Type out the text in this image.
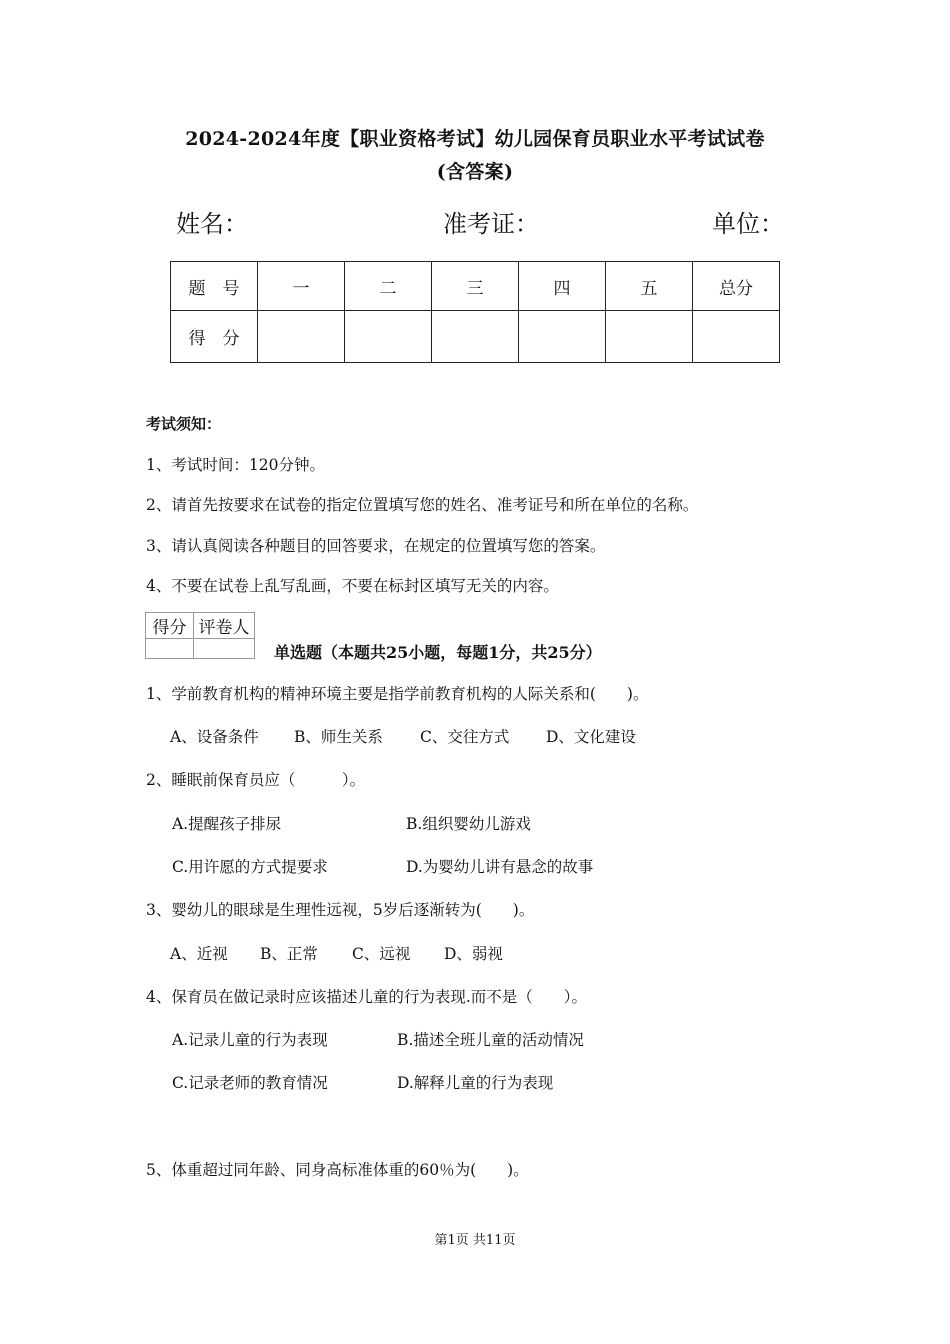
2024-2024年度【职业资格考试】幼儿园保育员职业水平考试试卷
(含答案)
姓名：	准考证：	单位：
题　号	一	二	三	四	五	总分
得　分						
考试须知：
1、考试时间：120分钟。
2、请首先按要求在试卷的指定位置填写您的姓名、准考证号和所在单位的名称。
3、请认真阅读各种题目的回答要求，在规定的位置填写您的答案。
4、不要在试卷上乱写乱画，不要在标封区填写无关的内容。
得分	评卷人

单选题（本题共25小题，每题1分，共25分）
1、学前教育机构的精神环境主要是指学前教育机构的人际关系和(　　)。
A、设备条件 B、师生关系 C、交往方式 D、文化建设
2、睡眠前保育员应（　　　）。
A.提醒孩子排尿	B.组织婴幼儿游戏
C.用许愿的方式提要求	D.为婴幼儿讲有悬念的故事
3、婴幼儿的眼球是生理性远视，5岁后逐渐转为(　　)。
A、近视 B、正常 C、远视 D、弱视
4、保育员在做记录时应该描述儿童的行为表现.而不是（　　）。
A.记录儿童的行为表现	B.描述全班儿童的活动情况
C.记录老师的教育情况	D.解释儿童的行为表现
5、体重超过同年龄、同身高标准体重的60％为(　　)。
第1页 共11页
